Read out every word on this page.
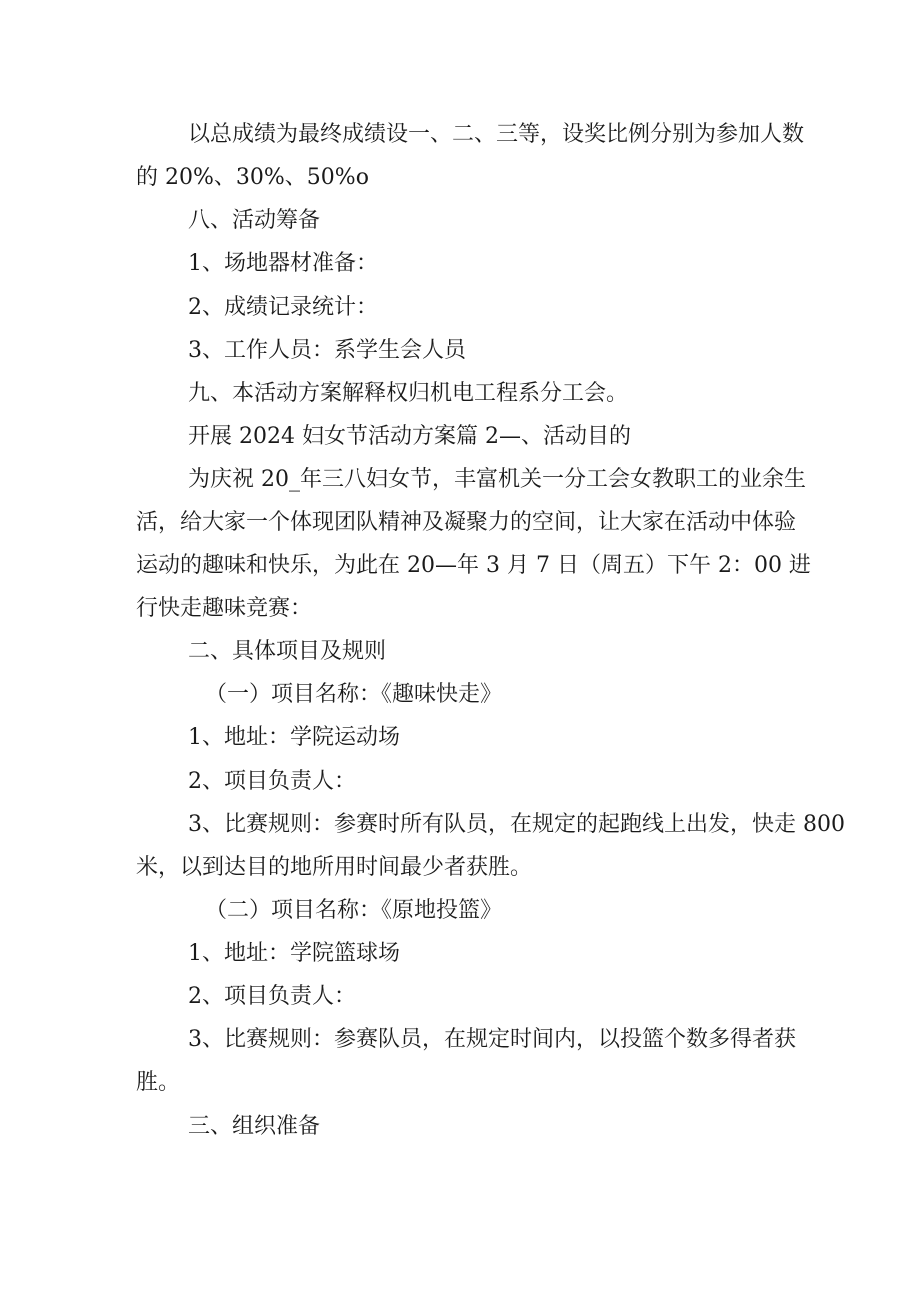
以总成绩为最终成绩设一、二、三等，设奖比例分别为参加人数
的 20%、30%、50%o
八、活动筹备
1、场地器材准备：
2、成绩记录统计：
3、工作人员：系学生会人员
九、本活动方案解释权归机电工程系分工会。
开展 2024 妇女节活动方案篇 2—、活动目的
为庆祝 20_年三八妇女节，丰富机关一分工会女教职工的业余生
活，给大家一个体现团队精神及凝聚力的空间，让大家在活动中体验
运动的趣味和快乐，为此在 20—年 3 月 7 日（周五）下午 2：00 进
行快走趣味竞赛：
二、具体项目及规则
（一）项目名称：《趣味快走》
1、地址：学院运动场
2、项目负责人：
3、比赛规则：参赛时所有队员，在规定的起跑线上出发，快走 800
米，以到达目的地所用时间最少者获胜。
（二）项目名称：《原地投篮》
1、地址：学院篮球场
2、项目负责人：
3、比赛规则：参赛队员，在规定时间内，以投篮个数多得者获
胜。
三、组织准备
